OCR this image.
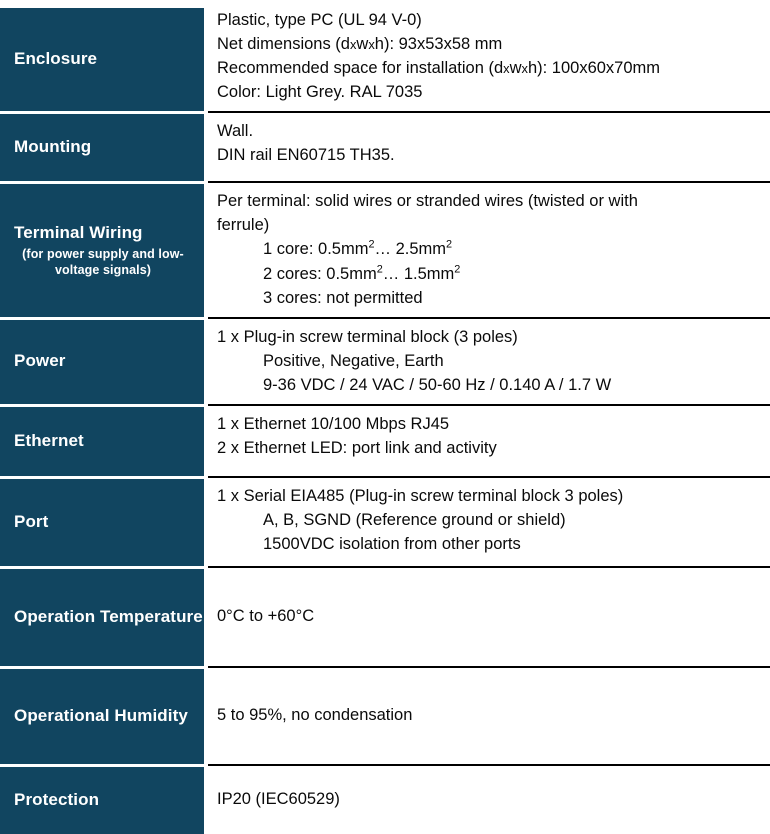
Enclosure	Plastic, type PC (UL 94 V-0)
Net dimensions (dxwxh): 93x53x58 mm
Recommended space for installation (dxwxh): 100x60x70mm
Color: Light Grey. RAL 7035

Mounting	Wall.
DIN rail EN60715 TH35.

Terminal Wiring
(for power supply and low-voltage signals)	Per terminal: solid wires or stranded wires (twisted or with
ferrule)
1 core: $0.5mm^2\dots$ $2.5mm^2$
2 cores: $0.5mm^2\dots$ $1.5mm^2$
3 cores: not permitted

Power	1 x Plug-in screw terminal block (3 poles)
Positive, Negative, Earth
9-36 VDC / 24 VAC / 50-60 Hz / 0.140 A / 1.7 W

Ethernet	1 x Ethernet 10/100 Mbps RJ45
2 x Ethernet LED: port link and activity

Port	1 x Serial EIA485 (Plug-in screw terminal block 3 poles)
A, B, SGND (Reference ground or shield)
1500VDC isolation from other ports

Operation Temperature	0°C to +60°C

Operational Humidity	5 to 95%, no condensation

Protection	IP20 (IEC60529)
